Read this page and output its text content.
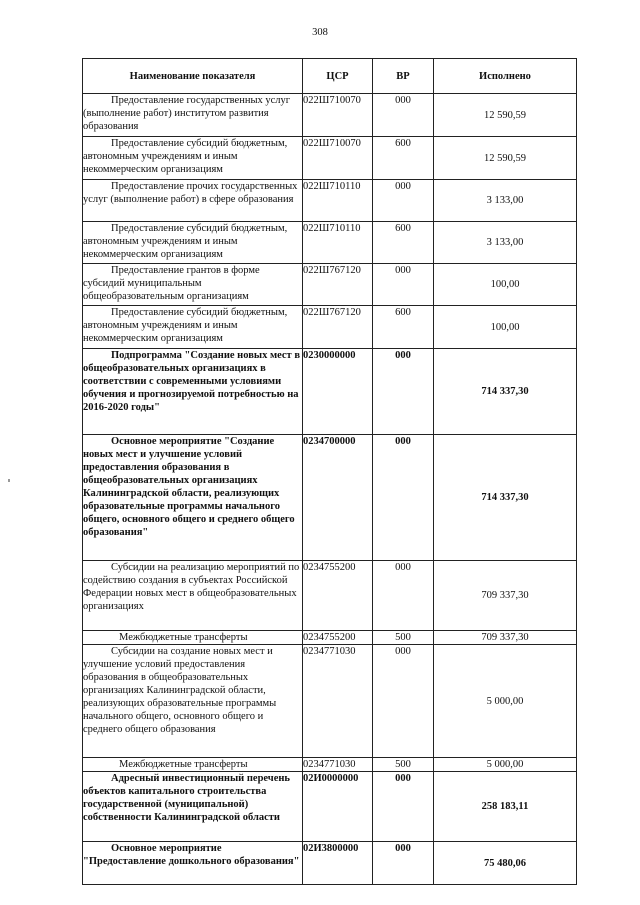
308
Наименование показателя	ЦСР	ВР	Исполнено
Предоставление государственных услуг (выполнение работ) институтом развития образования	022Ш710070	000	12 590,59
Предоставление субсидий бюджетным, автономным учреждениям и иным некоммерческим организациям	022Ш710070	600	12 590,59
Предоставление прочих государственных услуг (выполнение работ) в сфере образования	022Ш710110	000	3 133,00
Предоставление субсидий бюджетным, автономным учреждениям и иным некоммерческим организациям	022Ш710110	600	3 133,00
Предоставление грантов в форме субсидий муниципальным общеобразовательным организациям	022Ш767120	000	100,00
Предоставление субсидий бюджетным, автономным учреждениям и иным некоммерческим организациям	022Ш767120	600	100,00
Подпрограмма "Создание новых мест в общеобразовательных организациях в соответствии с современными условиями обучения и прогнозируемой потребностью на 2016-2020 годы"	0230000000	000	714 337,30
Основное мероприятие "Создание новых мест и улучшение условий предоставления образования в общеобразовательных организациях Калининградской области, реализующих образовательные программы начального общего, основного общего и среднего общего образования"	0234700000	000	714 337,30
Субсидии на реализацию мероприятий по содействию создания в субъектах Российской Федерации новых мест в общеобразовательных организациях	0234755200	000	709 337,30
Межбюджетные трансферты	0234755200	500	709 337,30
Субсидии на создание новых мест и улучшение условий предоставления образования в общеобразовательных организациях Калининградской области, реализующих образовательные программы начального общего, основного общего и среднего общего образования	0234771030	000	5 000,00
Межбюджетные трансферты	0234771030	500	5 000,00
Адресный инвестиционный перечень объектов капитального строительства государственной (муниципальной) собственности Калининградской области	02И0000000	000	258 183,11
Основное мероприятие "Предоставление дошкольного образования"	02И3800000	000	75 480,06
